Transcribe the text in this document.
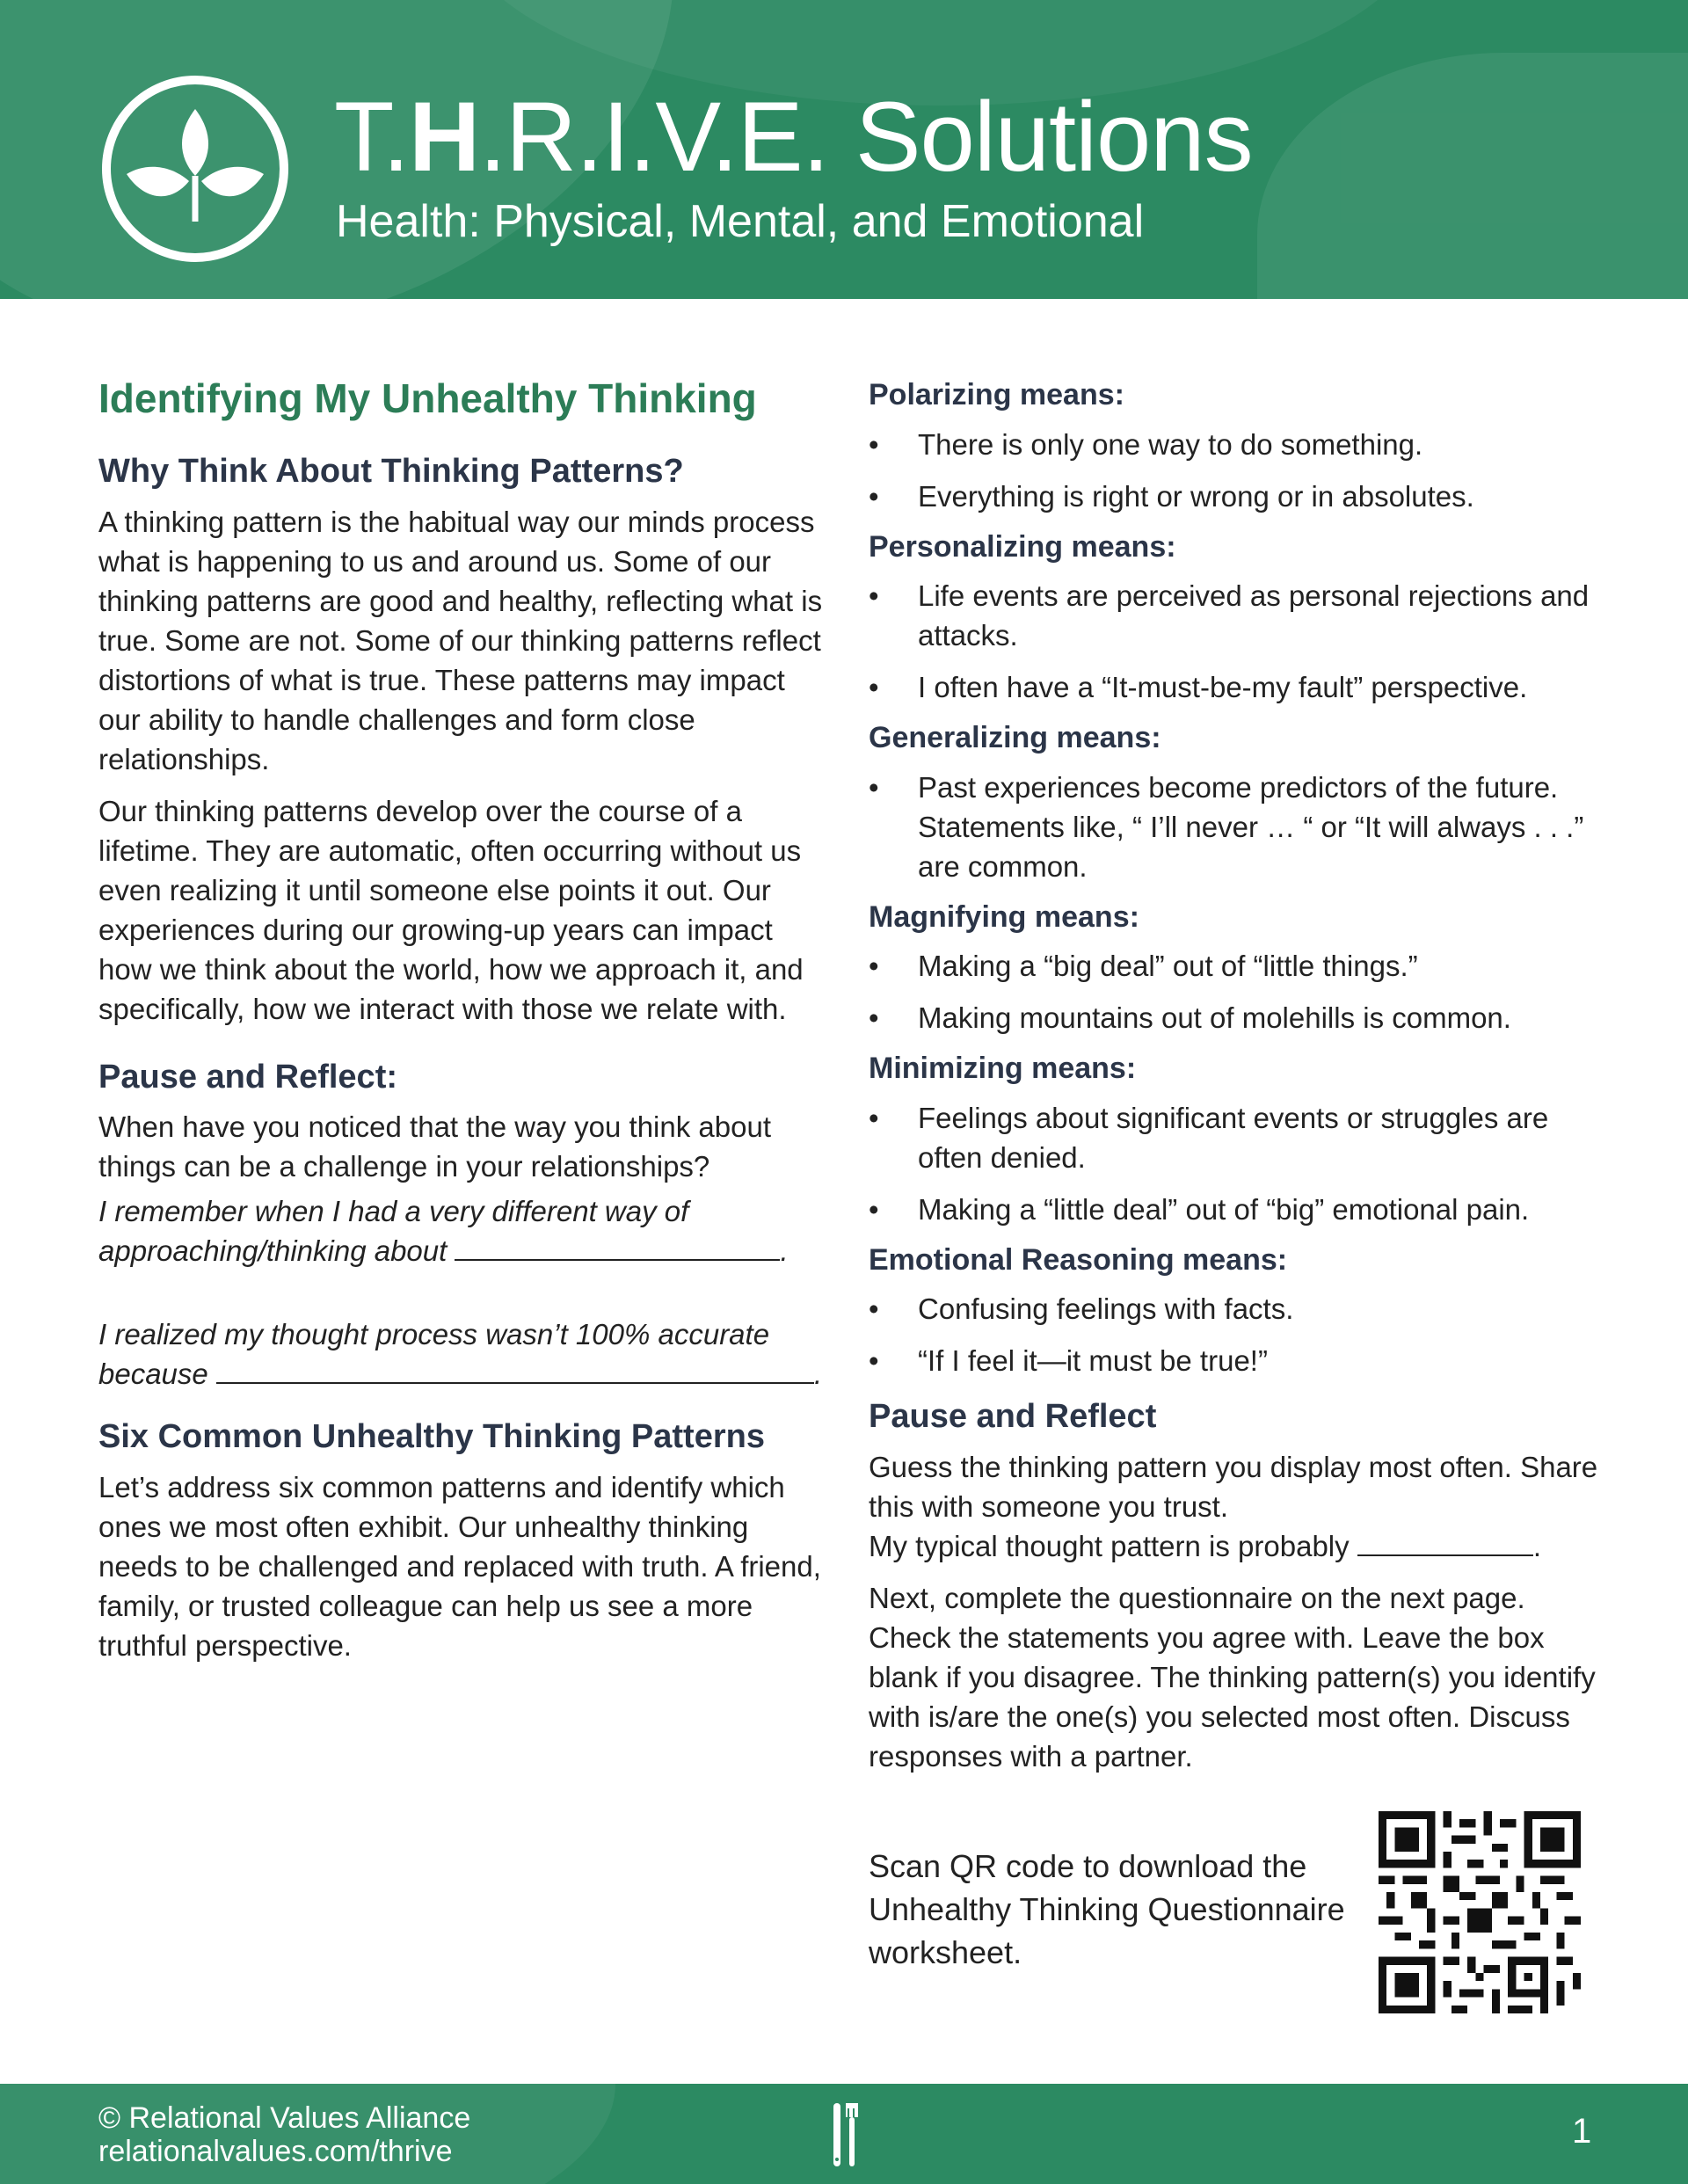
T.H.R.I.V.E. Solutions
Health: Physical, Mental, and Emotional
Identifying My Unhealthy Thinking
Why Think About Thinking Patterns?

A thinking pattern is the habitual way our minds process what is happening to us and around us. Some of our thinking patterns are good and healthy, reflecting what is true. Some are not. Some of our thinking patterns reflect distortions of what is true. These patterns may impact our ability to handle challenges and form close relationships.

Our thinking patterns develop over the course of a lifetime. They are automatic, often occurring without us even realizing it until someone else points it out. Our experiences during our growing-up years can impact how we think about the world, how we approach it, and specifically, how we interact with those we relate with.

Pause and Reflect:

When have you noticed that the way you think about things can be a challenge in your relationships?

I remember when I had a very different way of approaching/thinking about	.

I realized my thought process wasn’t 100% accurate because	.

Six Common Unhealthy Thinking Patterns

Let’s address six common patterns and identify which ones we most often exhibit. Our unhealthy thinking needs to be challenged and replaced with truth. A friend, family, or trusted colleague can help us see a more truthful perspective.

Polarizing means:
• There is only one way to do something.
• Everything is right or wrong or in absolutes.
Personalizing means:
• Life events are perceived as personal rejections and attacks.
• I often have a “It-must-be-my fault” perspective.
Generalizing means:
• Past experiences become predictors of the future. Statements like, “ I’ll never … “ or “It will always . . .” are common.
Magnifying means:
• Making a “big deal” out of “little things.”
• Making mountains out of molehills is common.
Minimizing means:
• Feelings about significant events or struggles are often denied.
• Making a “little deal” out of “big” emotional pain.
Emotional Reasoning means:
• Confusing feelings with facts.
• “If I feel it—it must be true!”
Pause and Reflect

Guess the thinking pattern you display most often. Share this with someone you trust.
My typical thought pattern is probably	.

Next, complete the questionnaire on the next page. Check the statements you agree with. Leave the box blank if you disagree. The thinking pattern(s) you identify with is/are the one(s) you selected most often. Discuss responses with a partner.

Scan QR code to download the Unhealthy Thinking Questionnaire worksheet.
© Relational Values Alliance
relationalvalues.com/thrive
1
